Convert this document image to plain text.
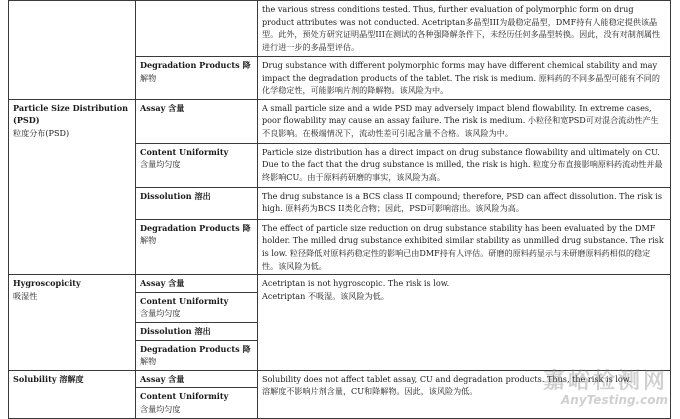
		the various stress conditions tested. Thus, further evaluation of polymorphic form on drug product attributes was not conducted. Acetriptan多晶型III为最稳定晶型，DMF持有人能稳定提供该晶型。此外，预处方研究证明晶型III在测试的各种强降解条件下，未经历任何多晶型转换。因此，没有对制剂属性进行进一步的多晶型评估。
	Degradation Products 降
解物	Drug substance with different polymorphic forms may have different chemical stability and may impact the degradation products of the tablet. The risk is medium. 原料药的不同多晶型可能有不同的化学稳定性，可能影响片剂的降解物。该风险为中。
Particle Size Distribution (PSD)
粒度分布(PSD)	Assay 含量	A small particle size and a wide PSD may adversely impact blend flowability. In extreme cases, poor flowability may cause an assay failure. The risk is medium. 小粒径和宽PSD可对混合流动性产生不良影响。在极端情况下，流动性差可引起含量不合格。该风险为中。
	Content Uniformity
含量均匀度	Particle size distribution has a direct impact on drug substance flowability and ultimately on CU. Due to the fact that the drug substance is milled, the risk is high. 粒度分布直接影响原料药流动性并最终影响CU。由于原料药研磨的事实，该风险为高。
	Dissolution 溶出	The drug substance is a BCS class II compound; therefore, PSD can affect dissolution. The risk is high. 原料药为BCS II类化合物；因此，PSD可影响溶出。该风险为高。
	Degradation Products 降
解物	The effect of particle size reduction on drug substance stability has been evaluated by the DMF holder. The milled drug substance exhibited similar stability as unmilled drug substance. The risk is low. 粒径降低对原料药稳定性的影响已由DMF持有人评估。研磨的原料药显示与未研磨原料药相似的稳定性。该风险为低。
Hygroscopicity
吸湿性	Assay 含量	Acetriptan is not hygroscopic. The risk is low.
Acetriptan 不吸湿。该风险为低。

	Content Uniformity
含量均匀度	

	Dissolution 溶出	
	Degradation Products 降
解物	

Solubility 溶解度	Assay 含量	Solubility does not affect tablet assay, CU and degradation products. Thus, the risk is low.
溶解度不影响片剂含量，CU和降解物。因此，该风险为低。

	Content Uniformity
含量均匀度	
嘉峪检测网
AnyTesting.com
